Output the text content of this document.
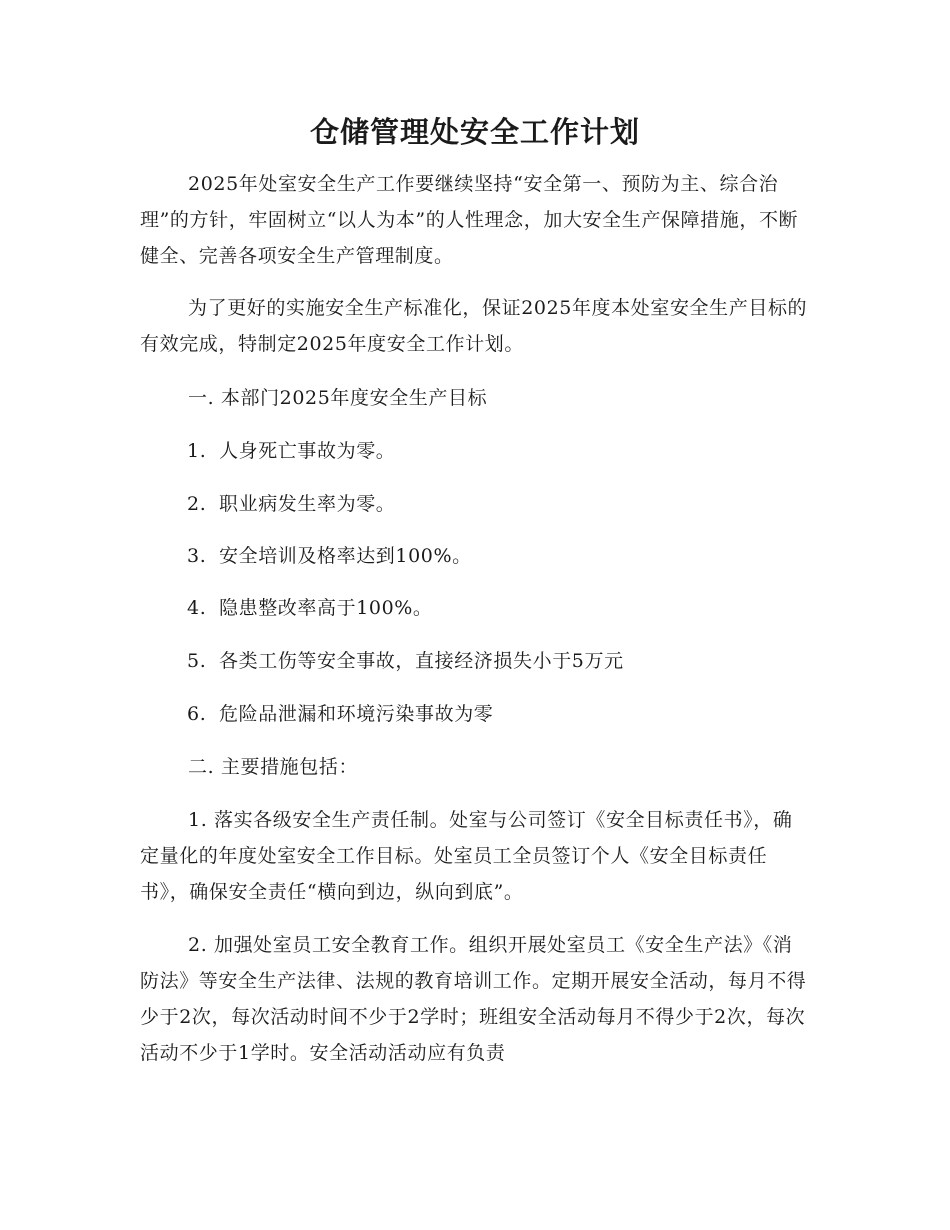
仓储管理处安全工作计划
2025年处室安全生产工作要继续坚持“安全第一、预防为主、综合治理”的方针，牢固树立“以人为本”的人性理念，加大安全生产保障措施，不断健全、完善各项安全生产管理制度。
为了更好的实施安全生产标准化，保证2025年度本处室安全生产目标的有效完成，特制定2025年度安全工作计划。
一. 本部门2025年度安全生产目标
1. 人身死亡事故为零。
2. 职业病发生率为零。
3. 安全培训及格率达到100%。
4. 隐患整改率高于100%。
5. 各类工伤等安全事故，直接经济损失小于5万元
6. 危险品泄漏和环境污染事故为零
二. 主要措施包括：
1. 落实各级安全生产责任制。处室与公司签订《安全目标责任书》，确定量化的年度处室安全工作目标。处室员工全员签订个人《安全目标责任书》，确保安全责任“横向到边，纵向到底”。
2. 加强处室员工安全教育工作。组织开展处室员工《安全生产法》《消防法》等安全生产法律、法规的教育培训工作。定期开展安全活动，每月不得少于2次，每次活动时间不少于2学时；班组安全活动每月不得少于2次，每次活动不少于1学时。安全活动活动应有负责
